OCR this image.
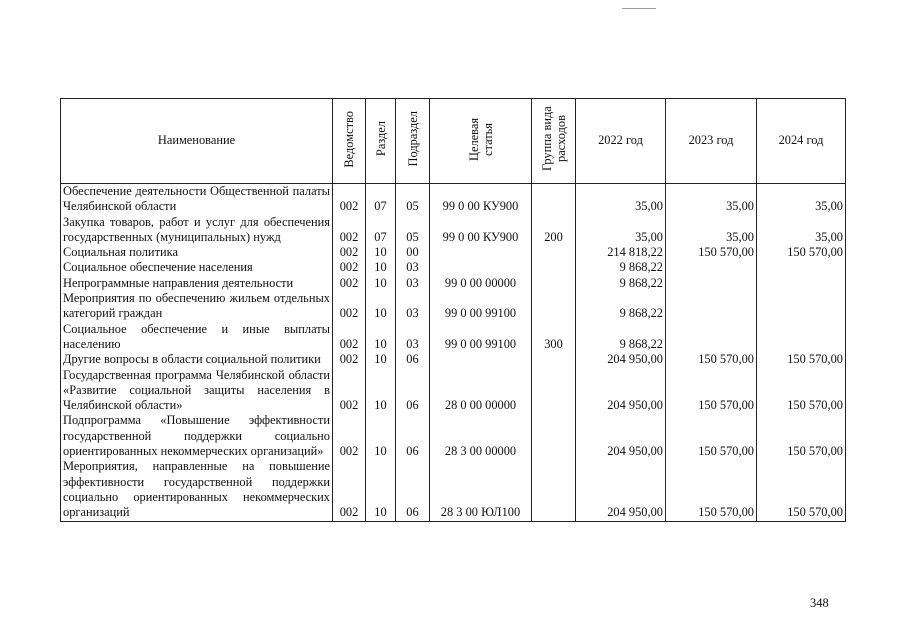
Наименование	Ведомство	Раздел	Подраздел	Целевая статья	Группа вида расходов	2022 год	2023 год	2024 год
Обеспечение деятельности Общественной палаты Челябинской области	002	07	05	99 0 00 КУ900		35,00	35,00	35,00
Закупка товаров, работ и услуг для обеспечения государственных (муниципальных) нужд	002	07	05	99 0 00 КУ900	200	35,00	35,00	35,00
Социальная политика	002	10	00			214 818,22	150 570,00	150 570,00
Социальное обеспечение населения	002	10	03			9 868,22		
Непрограммные направления деятельности	002	10	03	99 0 00 00000		9 868,22		
Мероприятия по обеспечению жильем отдельных категорий граждан	002	10	03	99 0 00 99100		9 868,22		
Социальное обеспечение и иные выплаты населению	002	10	03	99 0 00 99100	300	9 868,22		
Другие вопросы в области социальной политики	002	10	06			204 950,00	150 570,00	150 570,00
Государственная программа Челябинской области «Развитие социальной защиты населения в Челябинской области»	002	10	06	28 0 00 00000		204 950,00	150 570,00	150 570,00
Подпрограмма «Повышение эффективности государственной поддержки социально ориентированных некоммерческих организаций»	002	10	06	28 3 00 00000		204 950,00	150 570,00	150 570,00
Мероприятия, направленные на повышение эффективности государственной поддержки социально ориентированных некоммерческих организаций	002	10	06	28 3 00 ЮЛ100		204 950,00	150 570,00	150 570,00
348
